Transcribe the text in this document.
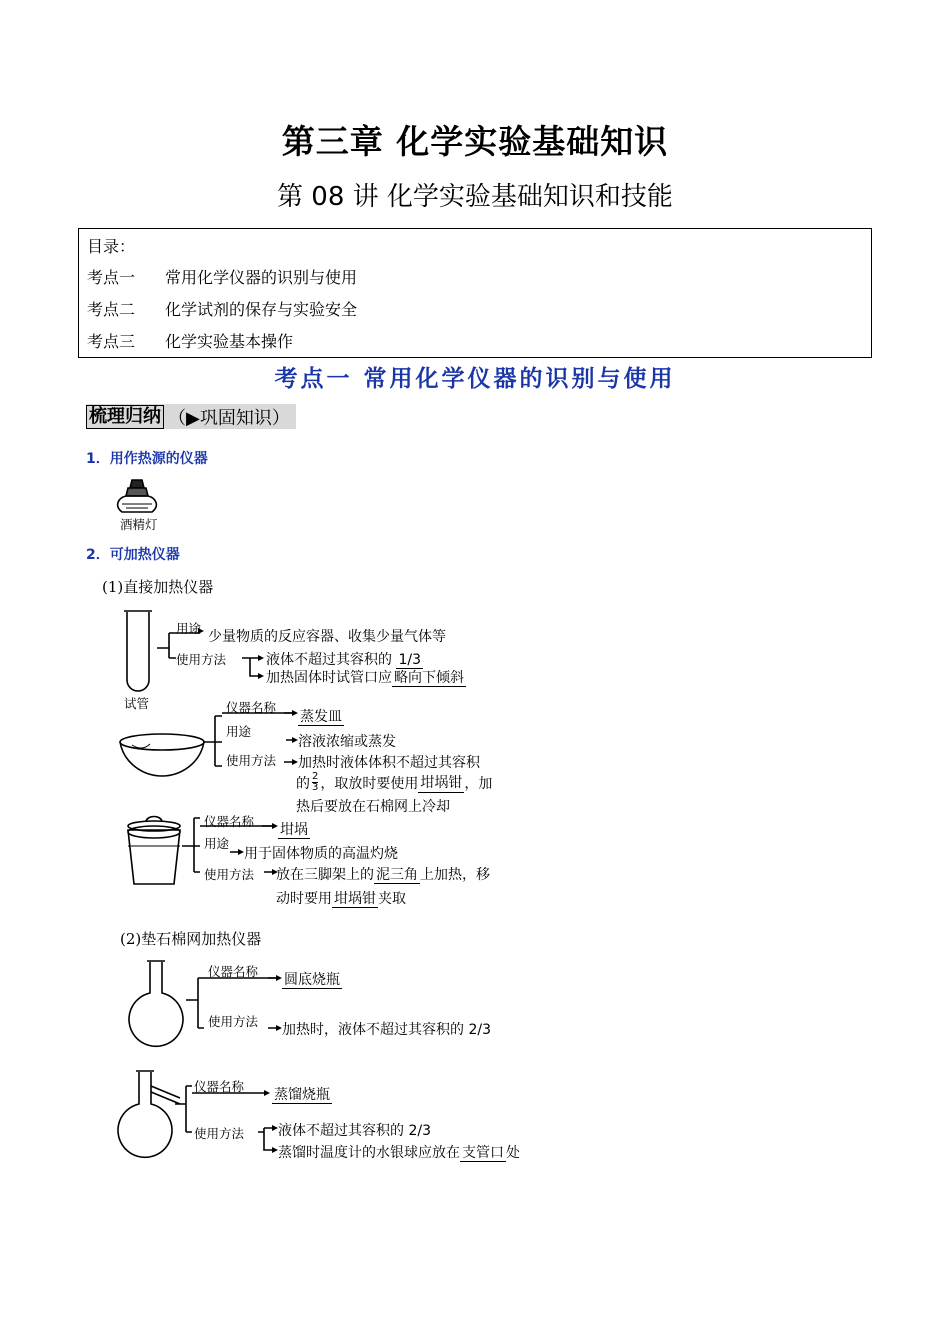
第三章 化学实验基础知识
第 08 讲 化学实验基础知识和技能
目录：
考点一 常用化学仪器的识别与使用
考点二 化学试剂的保存与实验安全
考点三 化学实验基本操作
考点一 常用化学仪器的识别与使用
梳理归纳 （▶巩固知识）
1．用作热源的仪器
酒精灯
2．可加热仪器
(1)直接加热仪器
(2)垫石棉网加热仪器
试管
用途
少量物质的反应容器、收集少量气体等
使用方法	液体不超过其容积的 1/3
加热固体时试管口应 略向下倾斜
仪器名称
蒸发皿
用途
溶液浓缩或蒸发
使用方法 加热时液体体积不超过其容积
的 $\frac{2}{3}$ ，取放时要使用 坩埚钳 ，加
热后要放在石棉网上冷却
仪器名称
坩埚
用途
用于固体物质的高温灼烧
使用方法 放在三脚架上的 泥三角 上加热，移
动时要用 坩埚钳 夹取
仪器名称
圆底烧瓶
使用方法
加热时，液体不超过其容积的 2/3
仪器名称
蒸馏烧瓶
使用方法 液体不超过其容积的 2/3
蒸馏时温度计的水银球应放在 支管口 处
